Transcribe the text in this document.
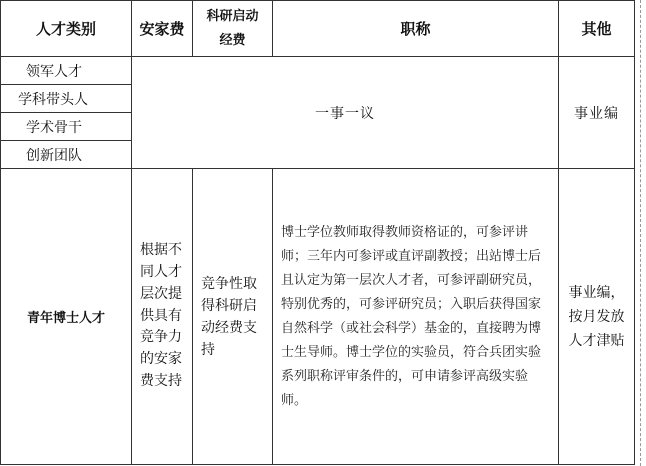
人才类别	安家费	科研启动经费	职称	其他
领军人才	一事一议			事业编
学科带头人				
学术骨干				
创新团队				
青年博士人才	根据不同人才层次提供具有竞争力的安家费支持	竞争性取得科研启动经费支持	博士学位教师取得教师资格证的，可参评讲师；三年内可参评或直评副教授；出站博士后且认定为第一层次人才者，可参评副研究员，特别优秀的，可参评研究员；入职后获得国家自然科学（或社会科学）基金的，直接聘为博士生导师。博士学位的实验员，符合兵团实验系列职称评审条件的，可申请参评高级实验师。	事业编，按月发放人才津贴
